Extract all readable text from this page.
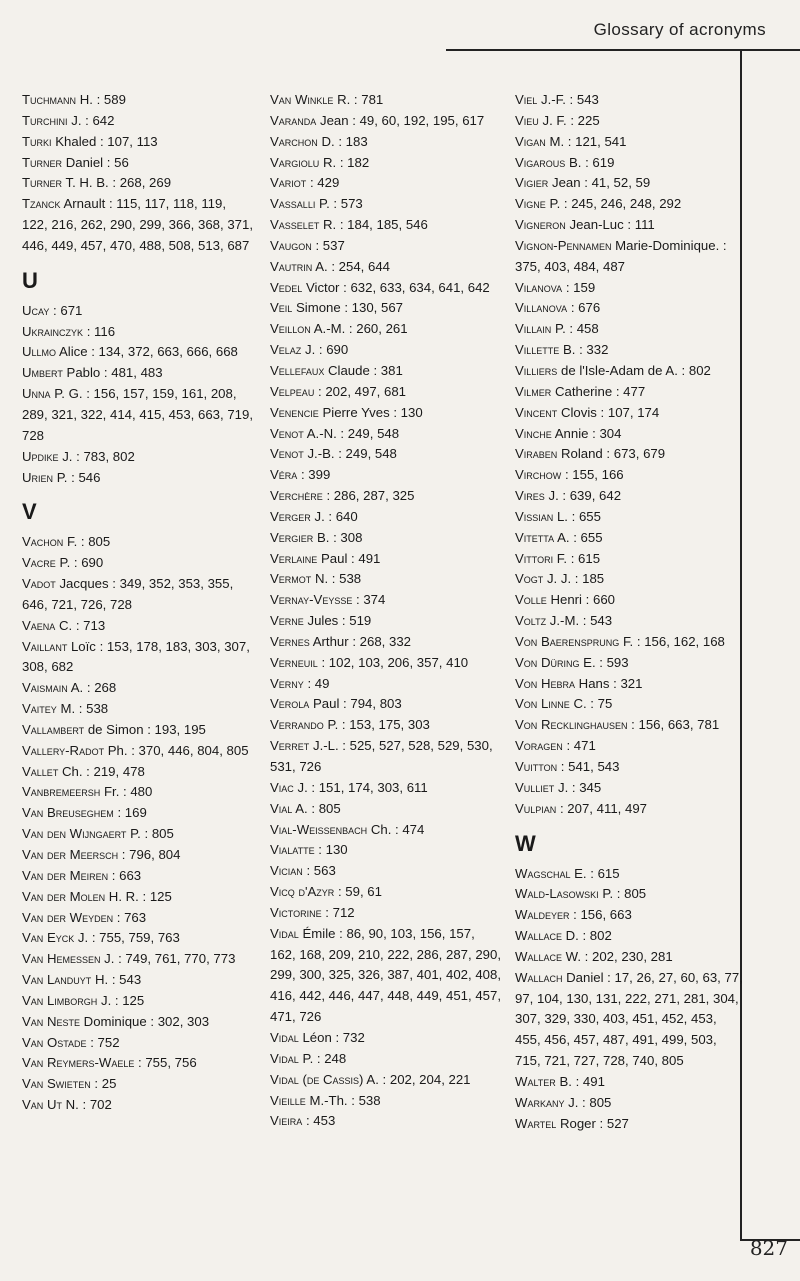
Glossary of acronyms

Tuchmann H. : 589

Turchini J. : 642

Turki Khaled : 107, 113

Turner Daniel : 56

Turner T. H. B. : 268, 269

Tzanck Arnault : 115, 117, 118, 119, 122, 216, 262, 290, 299, 366, 368, 371, 446, 449, 457, 470, 488, 508, 513, 687

U

Ucay : 671

Ukrainczyk : 116

Ullmo Alice : 134, 372, 663, 666, 668

Umbert Pablo : 481, 483

Unna P. G. : 156, 157, 159, 161, 208, 289, 321, 322, 414, 415, 453, 663, 719, 728

Updike J. : 783, 802

Urien P. : 546

V

Vachon F. : 805

Vacre P. : 690

Vadot Jacques : 349, 352, 353, 355, 646, 721, 726, 728

Vaena C. : 713

Vaillant Loïc : 153, 178, 183, 303, 307, 308, 682

Vaismain A. : 268

Vaitey M. : 538

Vallambert de Simon : 193, 195

Vallery-Radot Ph. : 370, 446, 804, 805

Vallet Ch. : 219, 478

Vanbremeersh Fr. : 480

Van Breuseghem : 169

Van den Wijngaert P. : 805

Van der Meersch : 796, 804

Van der Meiren : 663

Van der Molen H. R. : 125

Van der Weyden : 763

Van Eyck J. : 755, 759, 763

Van Hemessen J. : 749, 761, 770, 773

Van Landuyt H. : 543

Van Limborgh J. : 125

Van Neste Dominique : 302, 303

Van Ostade : 752

Van Reymers-Waele : 755, 756

Van Swieten : 25

Van Ut N. : 702

Van Winkle R. : 781

Varanda Jean : 49, 60, 192, 195, 617

Varchon D. : 183

Vargiolu R. : 182

Variot : 429

Vassalli P. : 573

Vasselet R. : 184, 185, 546

Vaugon : 537

Vautrin A. : 254, 644

Vedel Victor : 632, 633, 634, 641, 642

Veil Simone : 130, 567

Veillon A.-M. : 260, 261

Velaz J. : 690

Vellefaux Claude : 381

Velpeau : 202, 497, 681

Venencie Pierre Yves : 130

Venot A.-N. : 249, 548

Venot J.-B. : 249, 548

Véra : 399

Verchère : 286, 287, 325

Verger J. : 640

Vergier B. : 308

Verlaine Paul : 491

Vermot N. : 538

Vernay-Veysse : 374

Verne Jules : 519

Vernes Arthur : 268, 332

Verneuil : 102, 103, 206, 357, 410

Verny : 49

Verola Paul : 794, 803

Verrando P. : 153, 175, 303

Verret J.-L. : 525, 527, 528, 529, 530, 531, 726

Viac J. : 151, 174, 303, 611

Vial A. : 805

Vial-Weissenbach Ch. : 474

Vialatte : 130

Vician : 563

Vicq d'Azyr : 59, 61

Victorine : 712

Vidal Émile : 86, 90, 103, 156, 157, 162, 168, 209, 210, 222, 286, 287, 290, 299, 300, 325, 326, 387, 401, 402, 408, 416, 442, 446, 447, 448, 449, 451, 457, 471, 726

Vidal Léon : 732

Vidal P. : 248

Vidal (de Cassis) A. : 202, 204, 221

Vieille M.-Th. : 538

Vieira : 453

Viel J.-F. : 543

Vieu J. F. : 225

Vigan M. : 121, 541

Vigarous B. : 619

Vigier Jean : 41, 52, 59

Vigne P. : 245, 246, 248, 292

Vigneron Jean-Luc : 111

Vignon-Pennamen Marie-Dominique. : 375, 403, 484, 487

Vilanova : 159

Villanova : 676

Villain P. : 458

Villette B. : 332

Villiers de l'Isle-Adam de A. : 802

Vilmer Catherine : 477

Vincent Clovis : 107, 174

Vinche Annie : 304

Viraben Roland : 673, 679

Virchow : 155, 166

Vires J. : 639, 642

Vissian L. : 655

Vitetta A. : 655

Vittori F. : 615

Vogt J. J. : 185

Volle Henri : 660

Voltz J.-M. : 543

Von Baerensprung F. : 156, 162, 168

Von Düring E. : 593

Von Hebra Hans : 321

Von Linne C. : 75

Von Recklinghausen : 156, 663, 781

Voragen : 471

Vuitton : 541, 543

Vulliet J. : 345

Vulpian : 207, 411, 497

W

Wagschal E. : 615

Wald-Lasowski P. : 805

Waldeyer : 156, 663

Wallace D. : 802

Wallace W. : 202, 230, 281

Wallach Daniel : 17, 26, 27, 60, 63, 77, 97, 104, 130, 131, 222, 271, 281, 304, 307, 329, 330, 403, 451, 452, 453, 455, 456, 457, 487, 491, 499, 503, 715, 721, 727, 728, 740, 805

Walter B. : 491

Warkany J. : 805

Wartel Roger : 527

827
